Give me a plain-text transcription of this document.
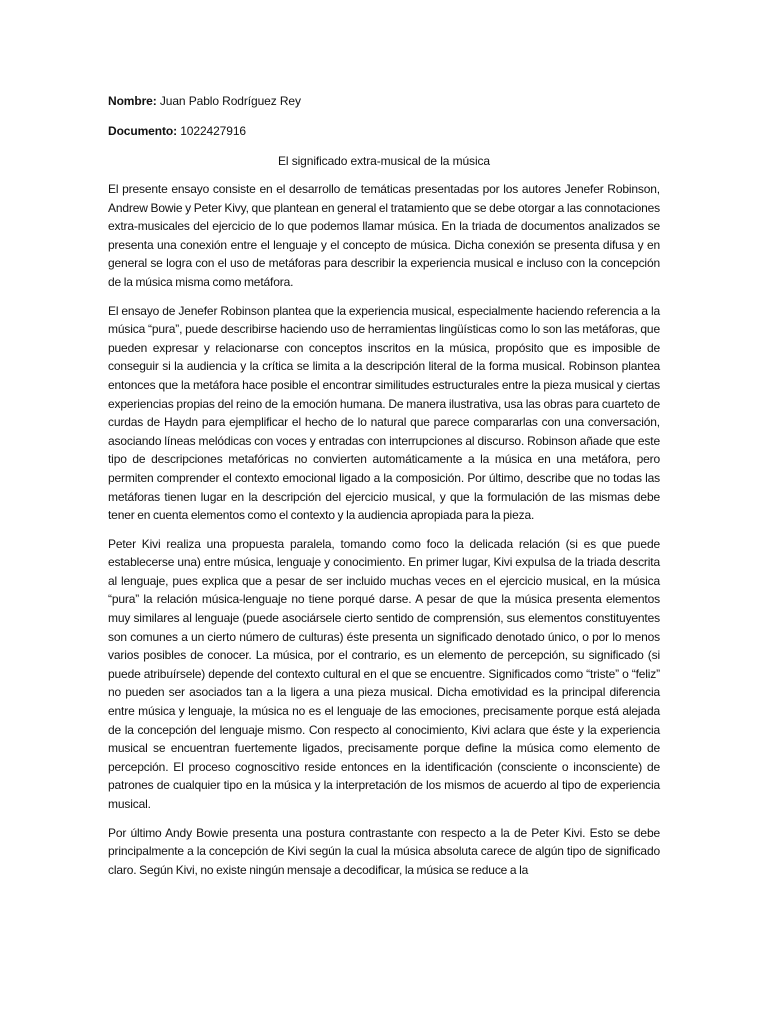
Nombre: Juan Pablo Rodríguez Rey

Documento: 1022427916

El significado extra-musical de la música

El presente ensayo consiste en el desarrollo de temáticas presentadas por los autores Jenefer Robinson, Andrew Bowie y Peter Kivy, que plantean en general el tratamiento que se debe otorgar a las connotaciones extra-musicales del ejercicio de lo que podemos llamar música. En la triada de documentos analizados se presenta una conexión entre el lenguaje y el concepto de música. Dicha conexión se presenta difusa y en general se logra con el uso de metáforas para describir la experiencia musical e incluso con la concepción de la música misma como metáfora.

El ensayo de Jenefer Robinson plantea que la experiencia musical, especialmente haciendo referencia a la música “pura”, puede describirse haciendo uso de herramientas lingüísticas como lo son las metáforas, que pueden expresar y relacionarse con conceptos inscritos en la música, propósito que es imposible de conseguir si la audiencia y la crítica se limita a la descripción literal de la forma musical. Robinson plantea entonces que la metáfora hace posible el encontrar similitudes estructurales entre la pieza musical y ciertas experiencias propias del reino de la emoción humana. De manera ilustrativa, usa las obras para cuarteto de curdas de Haydn para ejemplificar el hecho de lo natural que parece compararlas con una conversación, asociando líneas melódicas con voces y entradas con interrupciones al discurso. Robinson añade que este tipo de descripciones metafóricas no convierten automáticamente a la música en una metáfora, pero permiten comprender el contexto emocional ligado a la composición. Por último, describe que no todas las metáforas tienen lugar en la descripción del ejercicio musical, y que la formulación de las mismas debe tener en cuenta elementos como el contexto y la audiencia apropiada para la pieza.

Peter Kivi realiza una propuesta paralela, tomando como foco la delicada relación (si es que puede establecerse una) entre música, lenguaje y conocimiento. En primer lugar, Kivi expulsa de la triada descrita al lenguaje, pues explica que a pesar de ser incluido muchas veces en el ejercicio musical, en la música “pura” la relación música-lenguaje no tiene porqué darse. A pesar de que la música presenta elementos muy similares al lenguaje (puede asociársele cierto sentido de comprensión, sus elementos constituyentes son comunes a un cierto número de culturas) éste presenta un significado denotado único, o por lo menos varios posibles de conocer. La música, por el contrario, es un elemento de percepción, su significado (si puede atribuírsele) depende del contexto cultural en el que se encuentre. Significados como “triste” o “feliz” no pueden ser asociados tan a la ligera a una pieza musical. Dicha emotividad es la principal diferencia entre música y lenguaje, la música no es el lenguaje de las emociones, precisamente porque está alejada de la concepción del lenguaje mismo. Con respecto al conocimiento, Kivi aclara que éste y la experiencia musical se encuentran fuertemente ligados, precisamente porque define la música como elemento de percepción. El proceso cognoscitivo reside entonces en la identificación (consciente o inconsciente) de patrones de cualquier tipo en la música y la interpretación de los mismos de acuerdo al tipo de experiencia musical.

Por último Andy Bowie presenta una postura contrastante con respecto a la de Peter Kivi. Esto se debe principalmente a la concepción de Kivi según la cual la música absoluta carece de algún tipo de significado claro. Según Kivi, no existe ningún mensaje a decodificar, la música se reduce a la
